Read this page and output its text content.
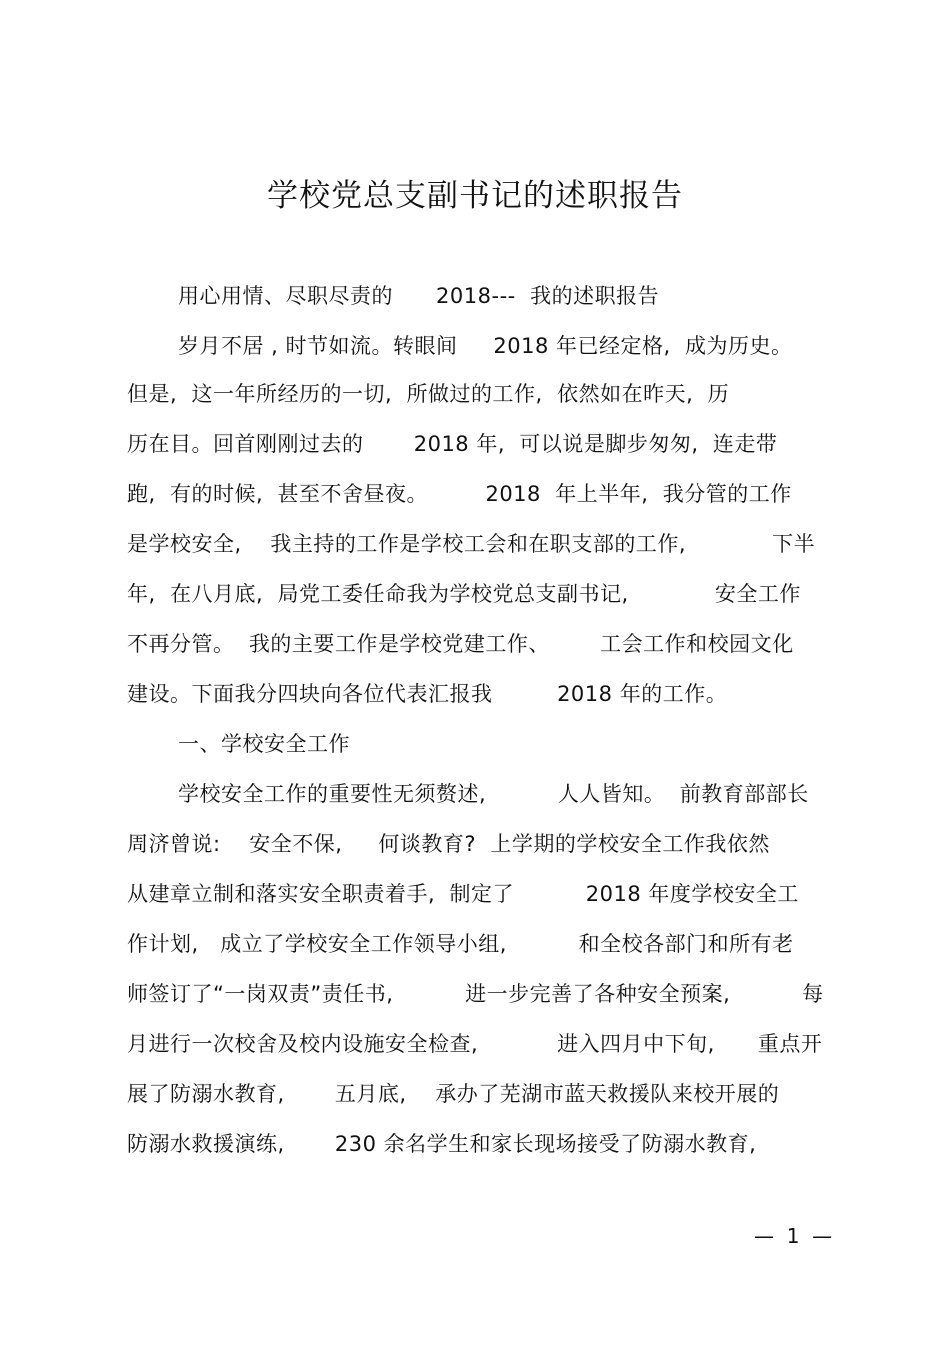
学校党总支副书记的述职报告
用心用情、尽职尽责的      2018---  我的述职报告
岁月不居 , 时节如流。转眼间     2018 年已经定格,  成为历史。
但是,  这一年所经历的一切,  所做过的工作,  依然如在昨天,  历
历在目。回首刚刚过去的       2018 年,  可以说是脚步匆匆,  连走带
跑,  有的时候,  甚至不舍昼夜。        2018  年上半年,  我分管的工作
是学校安全,    我主持的工作是学校工会和在职支部的工作,            下半
年,  在八月底,  局党工委任命我为学校党总支副书记,            安全工作
不再分管。  我的主要工作是学校党建工作、       工会工作和校园文化
建设。下面我分四块向各位代表汇报我         2018 年的工作。
一、学校安全工作
学校安全工作的重要性无须赘述,          人人皆知。  前教育部部长
周济曾说:    安全不保,     何谈教育?  上学期的学校安全工作我依然
从建章立制和落实安全职责着手,  制定了          2018 年度学校安全工
作计划,   成立了学校安全工作领导小组,          和全校各部门和所有老
师签订了“一岗双责”责任书,          进一步完善了各种安全预案,          每
月进行一次校舍及校内设施安全检查,           进入四月中下旬,      重点开
展了防溺水教育,       五月底,    承办了芜湖市蓝天救援队来校开展的
防溺水救援演练,       230 余名学生和家长现场接受了防溺水教育,
—  1  —
